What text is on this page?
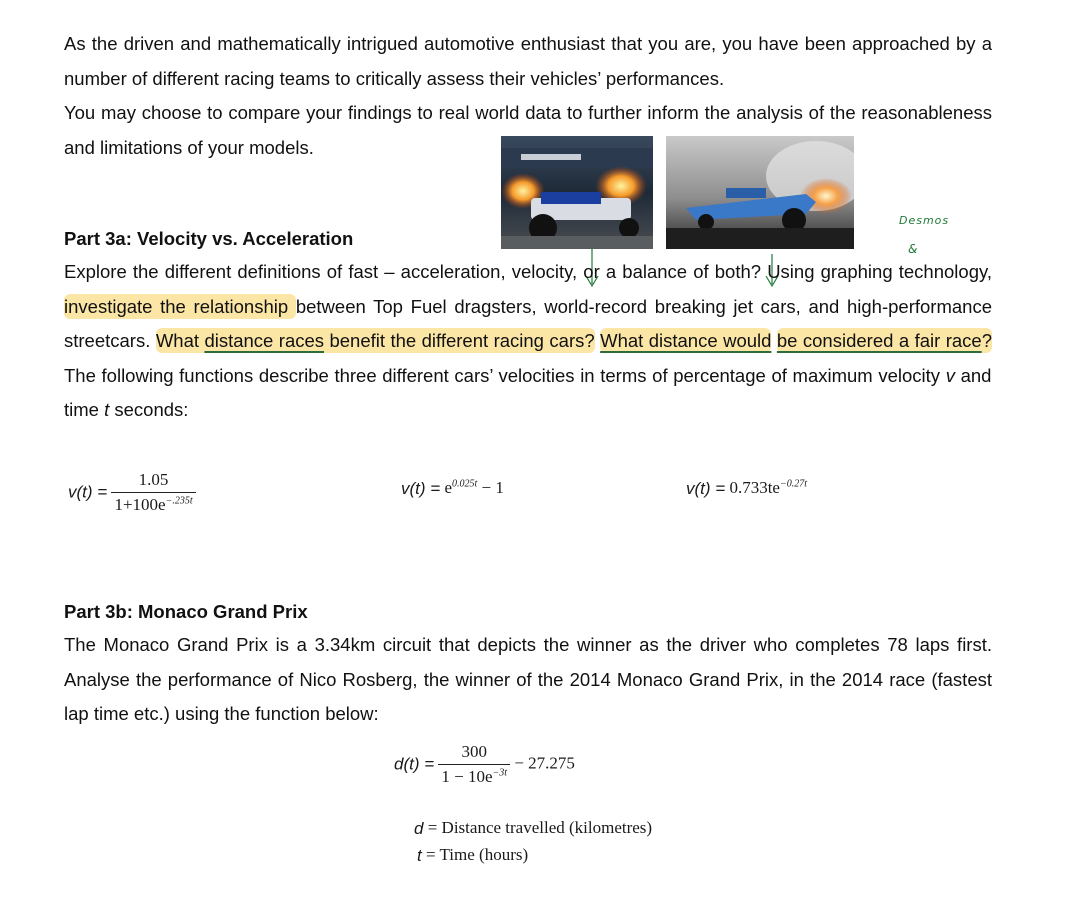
As the driven and mathematically intrigued automotive enthusiast that you are, you have been approached by a number of different racing teams to critically assess their vehicles’ performances.

You may choose to compare your findings to real world data to further inform the analysis of the reasonableness and limitations of your models.

Desmos
&
Part 3a: Velocity vs. Acceleration

Explore the different definitions of fast – acceleration, velocity, or a balance of both? Using graphing technology, investigate the relationship between Top Fuel dragsters, world-record breaking jet cars, and high-performance streetcars. What distance races benefit the different racing cars? What distance would be considered a fair race? The following functions describe three different cars’ velocities in terms of percentage of maximum velocity v and time t seconds:

$v(t) = \frac{1.05}{1+100e^{-.235t}}$	$v(t) = e^{0.025t} - 1$	$v(t) = 0.733te^{-0.27t}$
Part 3b: Monaco Grand Prix

The Monaco Grand Prix is a 3.34km circuit that depicts the winner as the driver who completes 78 laps first. Analyse the performance of Nico Rosberg, the winner of the 2014 Monaco Grand Prix, in the 2014 race (fastest lap time etc.) using the function below:

$d(t) = \frac{300}{1 - 10e^{-3t}} - 27.275$
d = Distance travelled (kilometres)
t = Time (hours)
